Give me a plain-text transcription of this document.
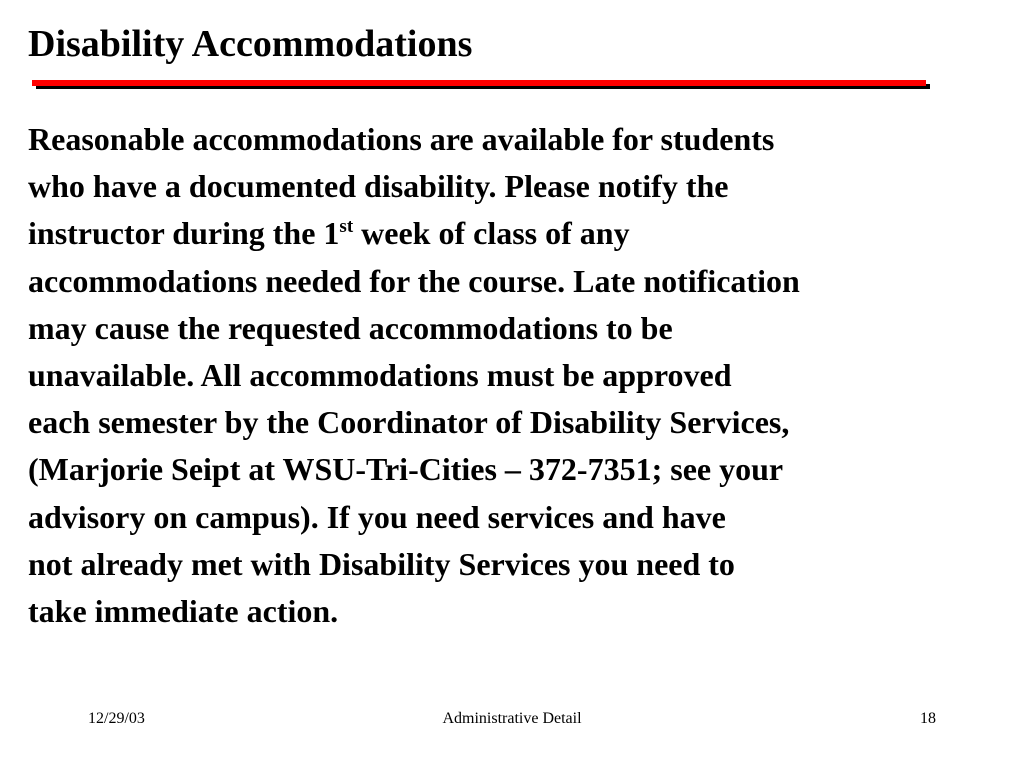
Disability Accommodations
Reasonable accommodations are available for students
who have a documented disability. Please notify the
instructor during the 1st week of class of any
accommodations needed for the course. Late notification
may cause the requested accommodations to be
unavailable. All accommodations must be approved
each semester by the Coordinator of Disability Services,
(Marjorie Seipt at WSU-Tri-Cities – 372-7351; see your
advisory on campus). If you need services and have
not already met with Disability Services you need to
take immediate action.
12/29/03	Administrative Detail	18
